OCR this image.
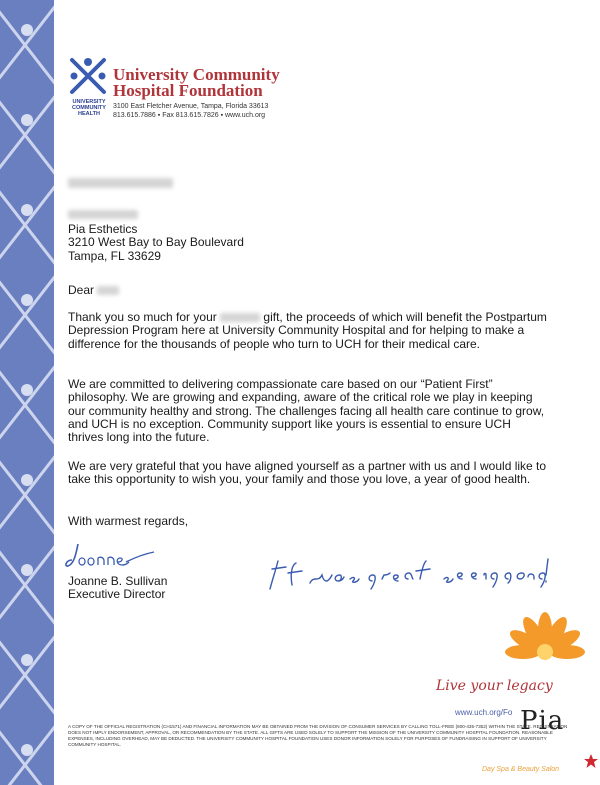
UNIVERSITY
COMMUNITY
HEALTH
University Community
Hospital Foundation
3100 East Fletcher Avenue, Tampa, Florida 33613
813.615.7886 ▪ Fax 813.615.7826 ▪ www.uch.org
Pia Esthetics
3210 West Bay to Bay Boulevard
Tampa, FL 33629
Dear
Thank you so much for your	gift, the proceeds of which will benefit the Postpartum Depression Program here at University Community Hospital and for helping to make a difference for the thousands of people who turn to UCH for their medical care.
We are committed to delivering compassionate care based on our “Patient First” philosophy. We are growing and expanding, aware of the critical role we play in keeping our community healthy and strong. The challenges facing all health care continue to grow, and UCH is no exception. Community support like yours is essential to ensure UCH thrives long into the future.
We are very grateful that you have aligned yourself as a partner with us and I would like to take this opportunity to wish you, your family and those you love, a year of good health.
With warmest regards,
Joanne B. Sullivan
Executive Director
Live your legacy
www.uch.org/Fo Pia
A COPY OF THE OFFICIAL REGISTRATION (CH1571) AND FINANCIAL INFORMATION MAY BE OBTAINED FROM THE DIVISION OF CONSUMER SERVICES BY CALLING TOLL-FREE (800-435-7352) WITHIN THE STATE. REGISTRATION DOES NOT IMPLY ENDORSEMENT, APPROVAL, OR RECOMMENDATION BY THE STATE. ALL GIFTS ARE USED SOLELY TO SUPPORT THE MISSION OF THE UNIVERSITY COMMUNITY HOSPITAL FOUNDATION. REASONABLE EXPENSES, INCLUDING OVERHEAD, MAY BE DEDUCTED. THE UNIVERSITY COMMUNITY HOSPITAL FOUNDATION USES DONOR INFORMATION SOLELY FOR PURPOSES OF FUNDRAISING IN SUPPORT OF UNIVERSITY COMMUNITY HOSPITAL.
Day Spa & Beauty Salon
